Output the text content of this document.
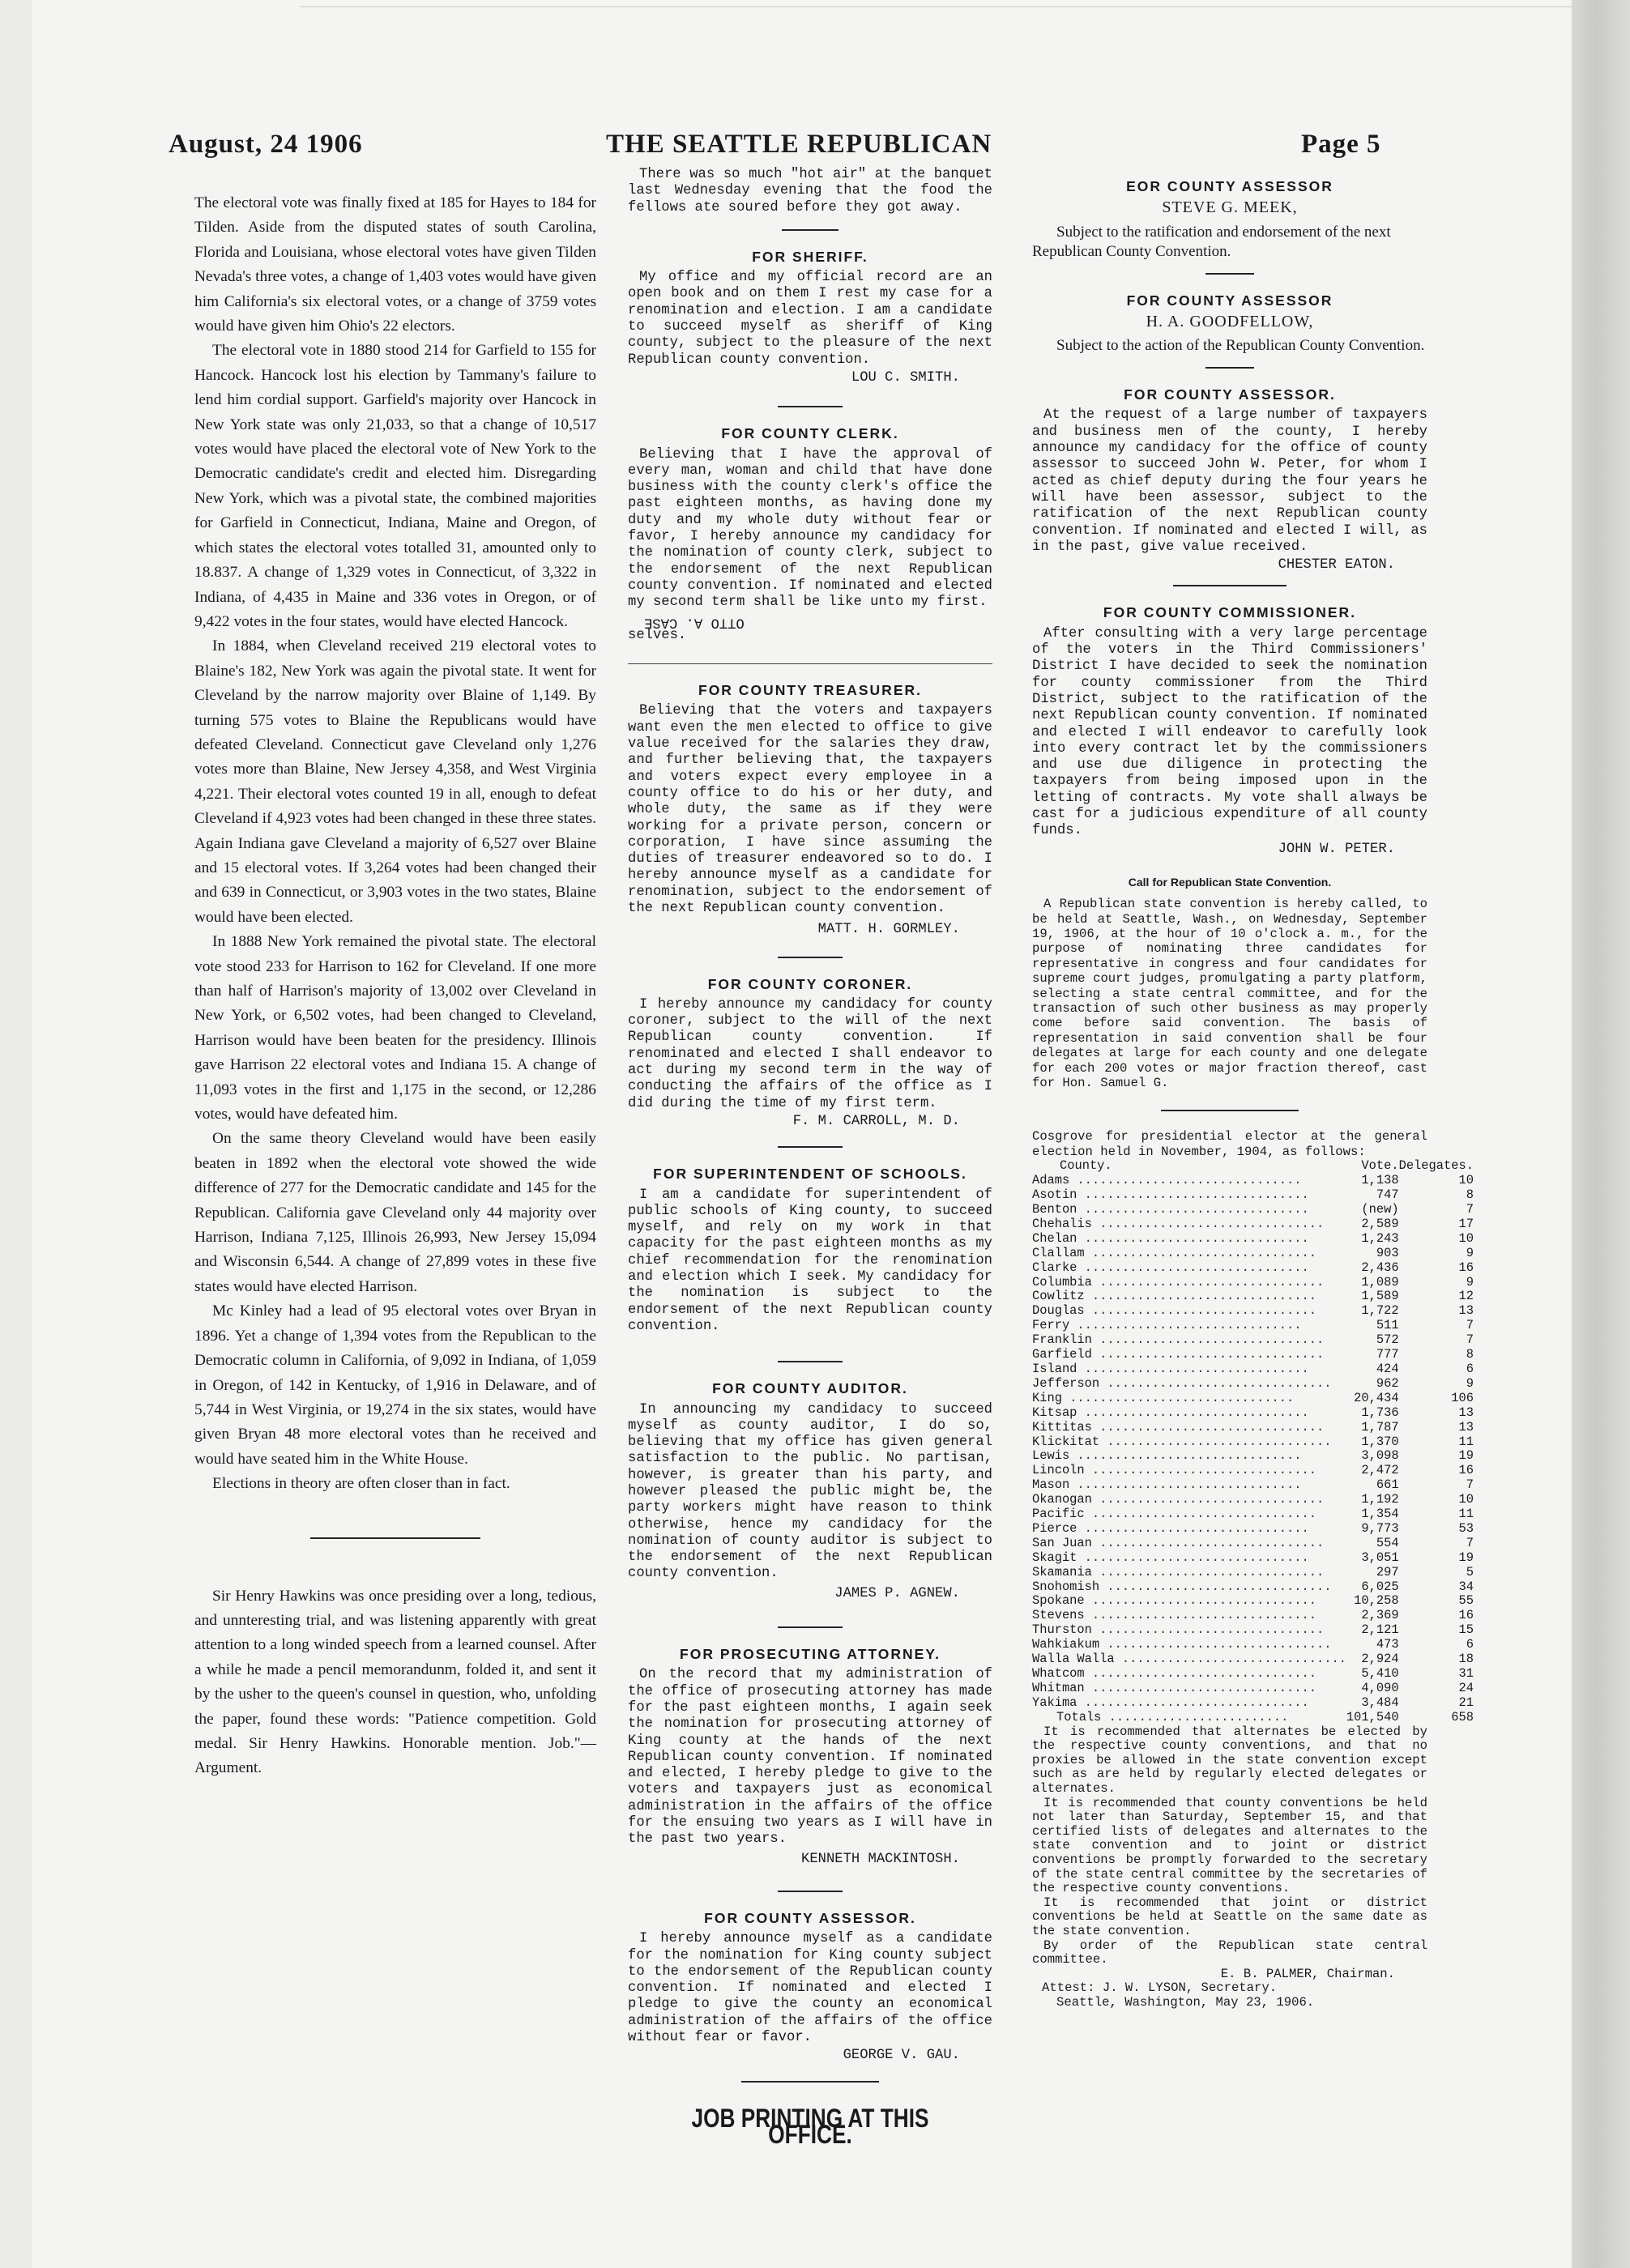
August, 24 1906	THE SEATTLE REPUBLICAN	Page 5

The electoral vote was finally fixed at 185 for Hayes to 184 for Tilden. Aside from the disputed states of south Carolina, Florida and Louisiana, whose electoral votes have given Tilden Nevada's three votes, a change of 1,403 votes would have given him California's six electoral votes, or a change of 3759 votes would have given him Ohio's 22 electors.

The electoral vote in 1880 stood 214 for Garfield to 155 for Hancock. Hancock lost his election by Tammany's failure to lend him cordial support. Garfield's majority over Hancock in New York state was only 21,033, so that a change of 10,517 votes would have placed the electoral vote of New York to the Democratic candidate's credit and elected him. Disregarding New York, which was a pivotal state, the combined majorities for Garfield in Connecticut, Indiana, Maine and Oregon, of which states the electoral votes totalled 31, amounted only to 18.837. A change of 1,329 votes in Connecticut, of 3,322 in Indiana, of 4,435 in Maine and 336 votes in Oregon, or of 9,422 votes in the four states, would have elected Hancock.

In 1884, when Cleveland received 219 electoral votes to Blaine's 182, New York was again the pivotal state. It went for Cleveland by the narrow majority over Blaine of 1,149. By turning 575 votes to Blaine the Republicans would have defeated Cleveland. Connecticut gave Cleveland only 1,276 votes more than Blaine, New Jersey 4,358, and West Virginia 4,221. Their electoral votes counted 19 in all, enough to defeat Cleveland if 4,923 votes had been changed in these three states. Again Indiana gave Cleveland a majority of 6,527 over Blaine and 15 electoral votes. If 3,264 votes had been changed their and 639 in Connecticut, or 3,903 votes in the two states, Blaine would have been elected.

In 1888 New York remained the pivotal state. The electoral vote stood 233 for Harrison to 162 for Cleveland. If one more than half of Harrison's majority of 13,002 over Cleveland in New York, or 6,502 votes, had been changed to Cleveland, Harrison would have been beaten for the presidency. Illinois gave Harrison 22 electoral votes and Indiana 15. A change of 11,093 votes in the first and 1,175 in the second, or 12,286 votes, would have defeated him.

On the same theory Cleveland would have been easily beaten in 1892 when the electoral vote showed the wide difference of 277 for the Democratic candidate and 145 for the Republican. California gave Cleveland only 44 majority over Harrison, Indiana 7,125, Illinois 26,993, New Jersey 15,094 and Wisconsin 6,544. A change of 27,899 votes in these five states would have elected Harrison.

Mc Kinley had a lead of 95 electoral votes over Bryan in 1896. Yet a change of 1,394 votes from the Republican to the Democratic column in California, of 9,092 in Indiana, of 1,059 in Oregon, of 142 in Kentucky, of 1,916 in Delaware, and of 5,744 in West Virginia, or 19,274 in the six states, would have given Bryan 48 more electoral votes than he received and would have seated him in the White House.

Elections in theory are often closer than in fact.

Sir Henry Hawkins was once presiding over a long, tedious, and unnteresting trial, and was listening apparently with great attention to a long winded speech from a learned counsel. After a while he made a pencil memorandunm, folded it, and sent it by the usher to the queen's counsel in question, who, unfolding the paper, found these words: "Patience competition. Gold medal. Sir Henry Hawkins. Honorable mention. Job."—Argument.

There was so much "hot air" at the banquet last Wednesday evening that the food the fellows ate soured before they got away.

FOR SHERIFF.

My office and my official record are an open book and on them I rest my case for a renomination and election. I am a candidate to succeed myself as sheriff of King county, subject to the pleasure of the next Republican county convention.

LOU C. SMITH.
FOR COUNTY CLERK.

Believing that I have the approval of every man, woman and child that have done business with the county clerk's office the past eighteen months, as having done my duty and my whole duty without fear or favor, I hereby announce my candidacy for the nomination of county clerk, subject to the endorsement of the next Republican county convention. If nominated and elected my second term shall be like unto my first.

OTTO A. CASE
selves.
FOR COUNTY TREASURER.

Believing that the voters and taxpayers want even the men elected to office to give value received for the salaries they draw, and further believing that, the taxpayers and voters expect every employee in a county office to do his or her duty, and whole duty, the same as if they were working for a private person, concern or corporation, I have since assuming the duties of treasurer endeavored so to do. I hereby announce myself as a candidate for renomination, subject to the endorsement of the next Republican county convention.

MATT. H. GORMLEY.
FOR COUNTY CORONER.

I hereby announce my candidacy for county coroner, subject to the will of the next Republican county convention. If renominated and elected I shall endeavor to act during my second term in the way of conducting the affairs of the office as I did during the time of my first term.

F. M. CARROLL, M. D.
FOR SUPERINTENDENT OF SCHOOLS.

I am a candidate for superintendent of public schools of King county, to succeed myself, and rely on my work in that capacity for the past eighteen months as my chief recommendation for the renomination and election which I seek. My candidacy for the nomination is subject to the endorsement of the next Republican county convention.

FOR COUNTY AUDITOR.

In announcing my candidacy to succeed myself as county auditor, I do so, believing that my office has given general satisfaction to the public. No partisan, however, is greater than his party, and however pleased the public might be, the party workers might have reason to think otherwise, hence my candidacy for the nomination of county auditor is subject to the endorsement of the next Republican county convention.

JAMES P. AGNEW.
FOR PROSECUTING ATTORNEY.

On the record that my administration of the office of prosecuting attorney has made for the past eighteen months, I again seek the nomination for prosecuting attorney of King county at the hands of the next Republican county convention. If nominated and elected, I hereby pledge to give to the voters and taxpayers just as economical administration in the affairs of the office for the ensuing two years as I will have in the past two years.

KENNETH MACKINTOSH.
FOR COUNTY ASSESSOR.

I hereby announce myself as a candidate for the nomination for King county subject to the endorsement of the Republican county convention. If nominated and elected I pledge to give the county an economical administration of the affairs of the office without fear or favor.

GEORGE V. GAU.
JOB PRINTING AT THIS OFFICE.
EOR COUNTY ASSESSOR
STEVE G. MEEK,

Subject to the ratification and endorsement of the next Republican County Convention.

FOR COUNTY ASSESSOR
H. A. GOODFELLOW,

Subject to the action of the Republican County Convention.

FOR COUNTY ASSESSOR.

At the request of a large number of taxpayers and business men of the county, I hereby announce my candidacy for the office of county assessor to succeed John W. Peter, for whom I acted as chief deputy during the four years he will have been assessor, subject to the ratification of the next Republican county convention. If nominated and elected I will, as in the past, give value received.

CHESTER EATON.
FOR COUNTY COMMISSIONER.

After consulting with a very large percentage of the voters in the Third Commissioners' District I have decided to seek the nomination for county commissioner from the Third District, subject to the ratification of the next Republican county convention. If nominated and elected I will endeavor to carefully look into every contract let by the commissioners and use due diligence in protecting the taxpayers from being imposed upon in the letting of contracts. My vote shall always be cast for a judicious expenditure of all county funds.

JOHN W. PETER.
Call for Republican State Convention.

A Republican state convention is hereby called, to be held at Seattle, Wash., on Wednesday, September 19, 1906, at the hour of 10 o'clock a. m., for the purpose of nominating three candidates for representative in congress and four candidates for supreme court judges, promulgating a party platform, selecting a state central committee, and for the transaction of such other business as may properly come before said convention. The basis of representation in said convention shall be four delegates at large for each county and one delegate for each 200 votes or major fraction thereof, cast for Hon. Samuel G.

Cosgrove for presidential elector at the general election held in November, 1904, as follows:

County.	Vote.	Delegates.
Adams ..............................	1,138	10
Asotin ..............................	747	8
Benton ..............................	(new)	7
Chehalis ..............................	2,589	17
Chelan ..............................	1,243	10
Clallam ..............................	903	9
Clarke ..............................	2,436	16
Columbia ..............................	1,089	9
Cowlitz ..............................	1,589	12
Douglas ..............................	1,722	13
Ferry ..............................	511	7
Franklin ..............................	572	7
Garfield ..............................	777	8
Island ..............................	424	6
Jefferson ..............................	962	9
King ..............................	20,434	106
Kitsap ..............................	1,736	13
Kittitas ..............................	1,787	13
Klickitat ..............................	1,370	11
Lewis ..............................	3,098	19
Lincoln ..............................	2,472	16
Mason ..............................	661	7
Okanogan ..............................	1,192	10
Pacific ..............................	1,354	11
Pierce ..............................	9,773	53
San Juan ..............................	554	7
Skagit ..............................	3,051	19
Skamania ..............................	297	5
Snohomish ..............................	6,025	34
Spokane ..............................	10,258	55
Stevens ..............................	2,369	16
Thurston ..............................	2,121	15
Wahkiakum ..............................	473	6
Walla Walla ..............................	2,924	18
Whatcom ..............................	5,410	31
Whitman ..............................	4,090	24
Yakima ..............................	3,484	21
Totals ........................	101,540	658

It is recommended that alternates be elected by the respective county conventions, and that no proxies be allowed in the state convention except such as are held by regularly elected delegates or alternates.

It is recommended that county conventions be held not later than Saturday, September 15, and that certified lists of delegates and alternates to the state convention and to joint or district conventions be promptly forwarded to the secretary of the state central committee by the secretaries of the respective county conventions.

It is recommended that joint or district conventions be held at Seattle on the same date as the state convention.

By order of the Republican state central committee.

E. B. PALMER, Chairman.
Attest: J. W. LYSON, Secretary.
Seattle, Washington, May 23, 1906.
